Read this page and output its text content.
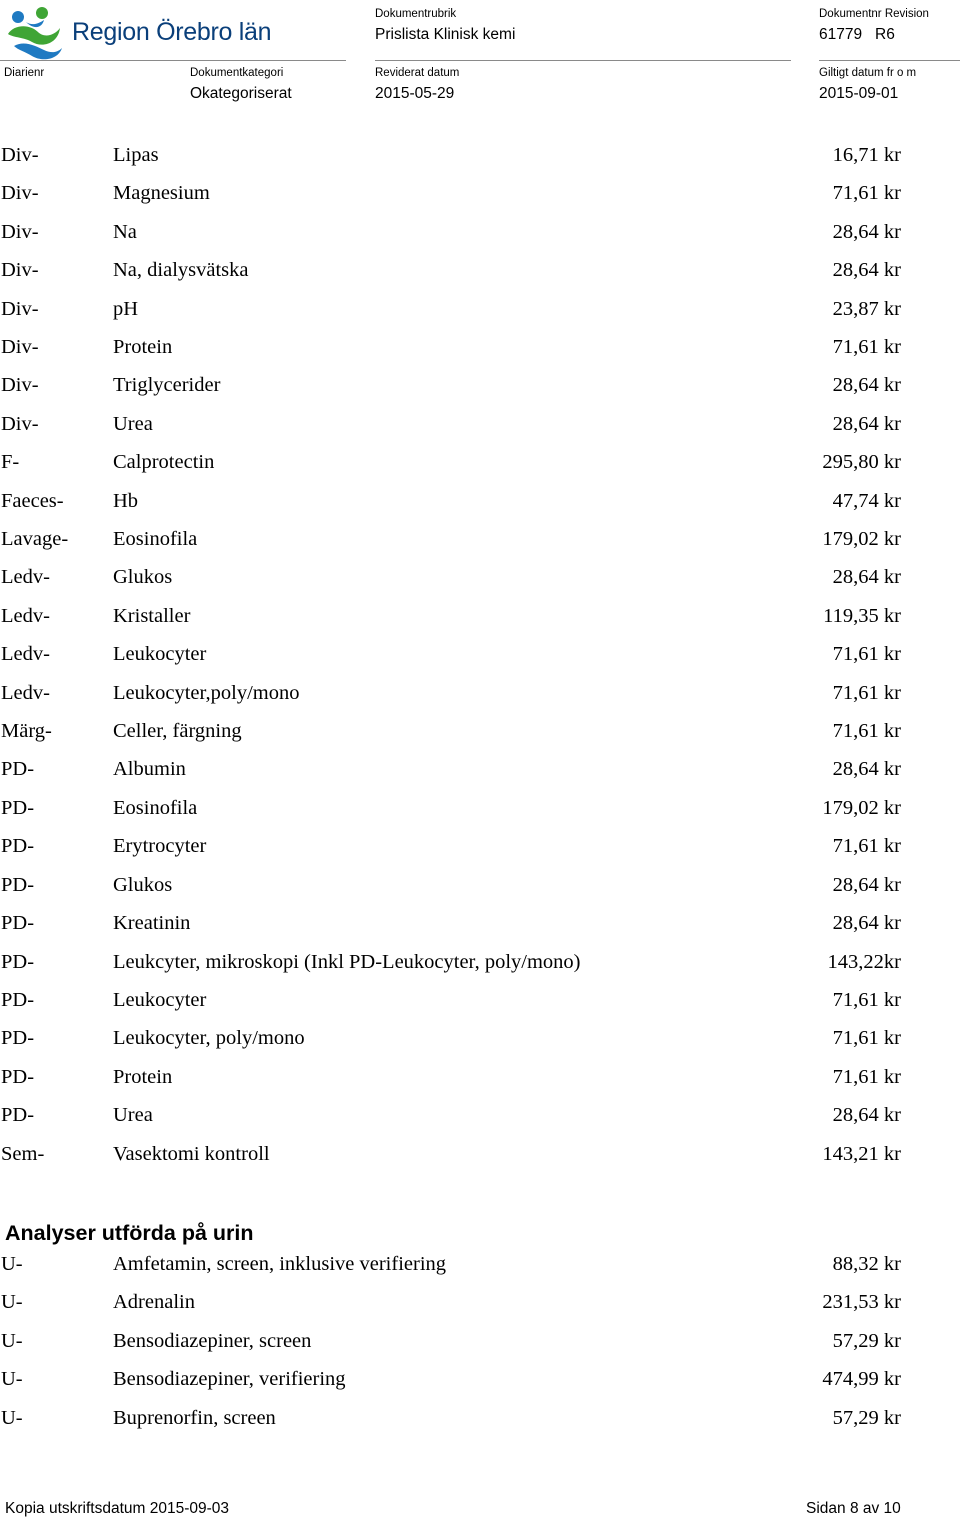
Region Örebro län
Dokumentrubrik
Prislista Klinisk kemi
Dokumentnr Revision
61779   R6
Diarienr	Dokumentkategori
Okategoriserat
Reviderat datum
2015-05-29
Giltigt datum fr o m
2015-09-01
Div-	Lipas	16,71 kr
Div-	Magnesium	71,61 kr
Div-	Na	28,64 kr
Div-	Na, dialysvätska	28,64 kr
Div-	pH	23,87 kr
Div-	Protein	71,61 kr
Div-	Triglycerider	28,64 kr
Div-	Urea	28,64 kr
F-	Calprotectin	295,80 kr
Faeces- Hb	47,74 kr
Lavage- Eosinofila	179,02 kr
Ledv-	Glukos	28,64 kr
Ledv-	Kristaller	119,35 kr
Ledv-	Leukocyter	71,61 kr
Ledv-	Leukocyter,poly/mono	71,61 kr
Märg-	Celler, färgning	71,61 kr
PD-	Albumin	28,64 kr
PD-	Eosinofila	179,02 kr
PD-	Erytrocyter	71,61 kr
PD-	Glukos	28,64 kr
PD-	Kreatinin	28,64 kr
PD-	Leukcyter, mikroskopi (Inkl PD-Leukocyter, poly/mono)	143,22kr
PD-	Leukocyter	71,61 kr
PD-	Leukocyter, poly/mono	71,61 kr
PD-	Protein	71,61 kr
PD-	Urea	28,64 kr
Sem-	Vasektomi kontroll	143,21 kr
Analyser utförda på urin
U-	Amfetamin, screen, inklusive verifiering	88,32 kr
U-	Adrenalin	231,53 kr
U-	Bensodiazepiner, screen	57,29 kr
U-	Bensodiazepiner, verifiering	474,99 kr
U-	Buprenorfin, screen	57,29 kr
Kopia utskriftsdatum 2015-09-03	Sidan 8 av 10
